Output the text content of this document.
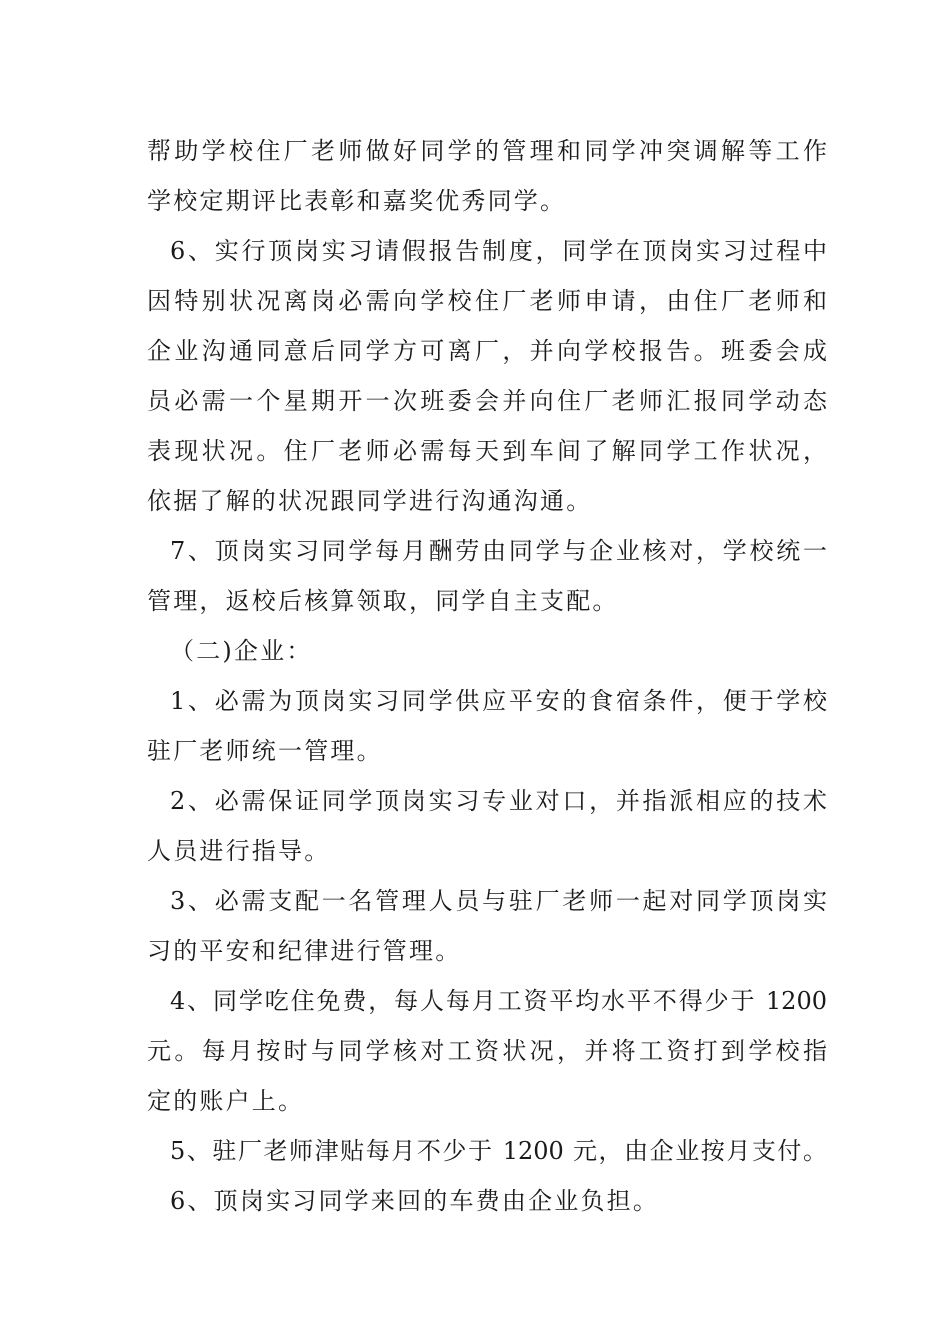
帮助学校住厂老师做好同学的管理和同学冲突调解等工作
学校定期评比表彰和嘉奖优秀同学。
6、实行顶岗实习请假报告制度，同学在顶岗实习过程中
因特别状况离岗必需向学校住厂老师申请，由住厂老师和
企业沟通同意后同学方可离厂，并向学校报告。班委会成
员必需一个星期开一次班委会并向住厂老师汇报同学动态
表现状况。住厂老师必需每天到车间了解同学工作状况，
依据了解的状况跟同学进行沟通沟通。
7、顶岗实习同学每月酬劳由同学与企业核对，学校统一
管理，返校后核算领取，同学自主支配。
（二)企业：
1、必需为顶岗实习同学供应平安的食宿条件，便于学校
驻厂老师统一管理。
2、必需保证同学顶岗实习专业对口，并指派相应的技术
人员进行指导。
3、必需支配一名管理人员与驻厂老师一起对同学顶岗实
习的平安和纪律进行管理。
4、同学吃住免费，每人每月工资平均水平不得少于 1200
元。每月按时与同学核对工资状况，并将工资打到学校指
定的账户上。
5、驻厂老师津贴每月不少于 1200 元，由企业按月支付。
6、顶岗实习同学来回的车费由企业负担。
